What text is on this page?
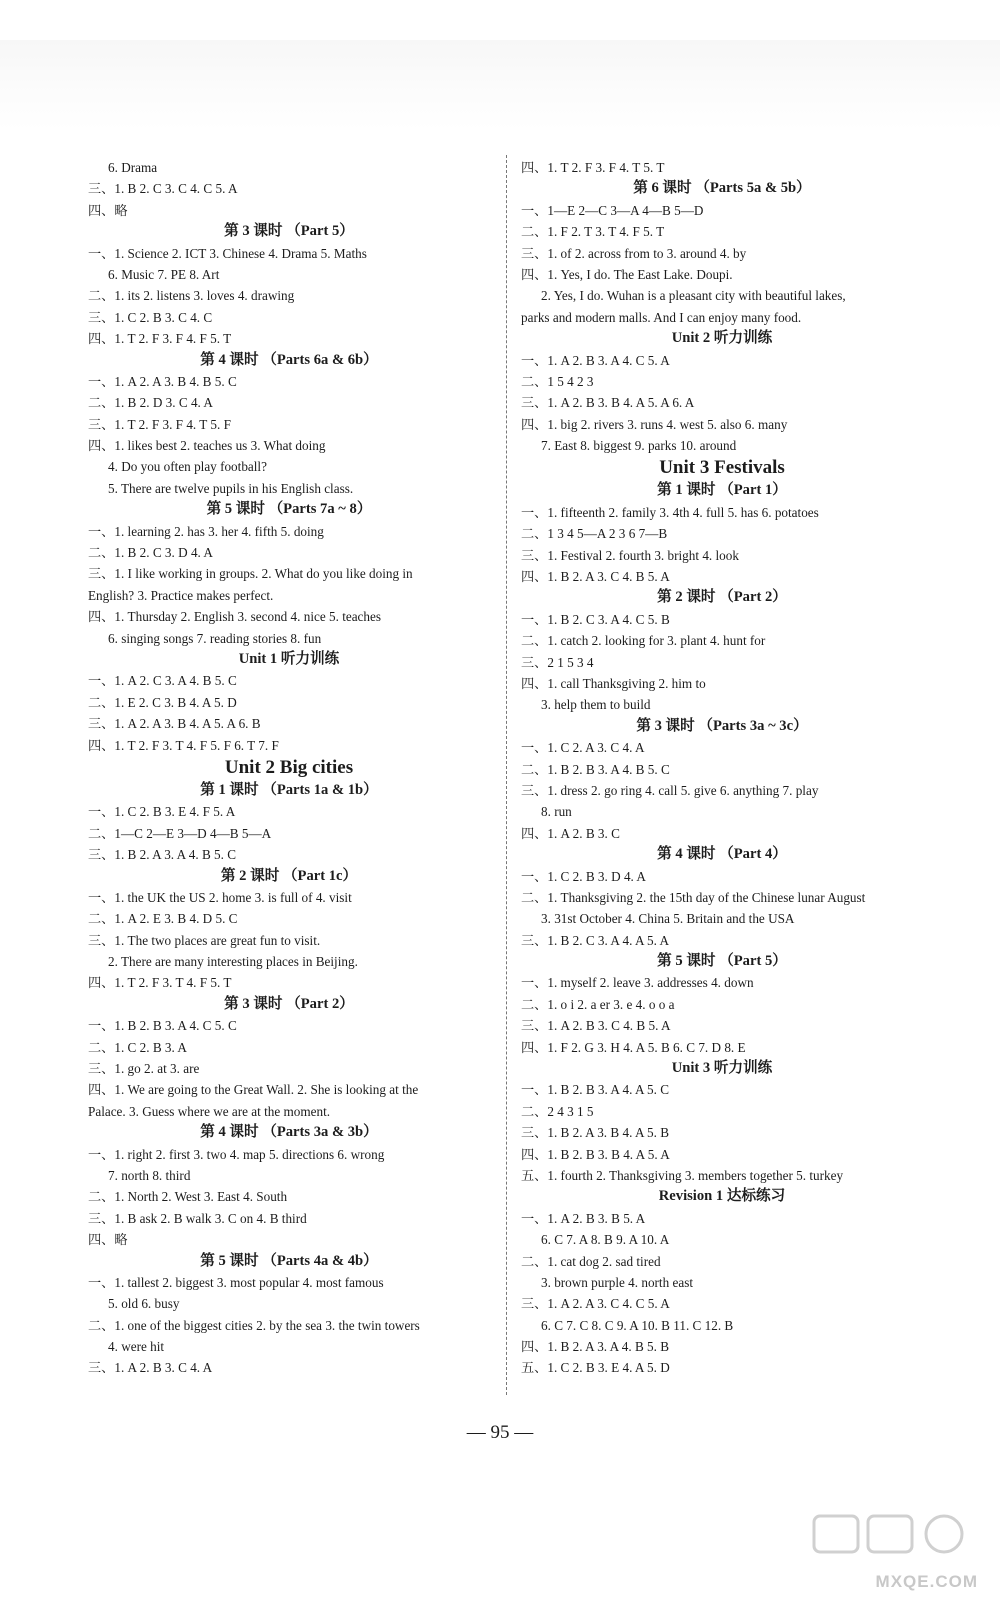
6. Drama
三、1. B 2. C 3. C 4. C 5. A
四、略
第 3 课时 （Part 5）
一、1. Science 2. ICT 3. Chinese 4. Drama 5. Maths
6. Music 7. PE 8. Art
二、1. its 2. listens 3. loves 4. drawing
三、1. C 2. B 3. C 4. C
四、1. T 2. F 3. F 4. F 5. T
第 4 课时 （Parts 6a & 6b）
一、1. A 2. A 3. B 4. B 5. C
二、1. B 2. D 3. C 4. A
三、1. T 2. F 3. F 4. T 5. F
四、1. likes best 2. teaches us 3. What doing
4. Do you often play football?
5. There are twelve pupils in his English class.
第 5 课时 （Parts 7a ~ 8）
一、1. learning 2. has 3. her 4. fifth 5. doing
二、1. B 2. C 3. D 4. A
三、1. I like working in groups. 2. What do you like doing in
English? 3. Practice makes perfect.
四、1. Thursday 2. English 3. second 4. nice 5. teaches
6. singing songs 7. reading stories 8. fun
Unit 1 听力训练
一、1. A 2. C 3. A 4. B 5. C
二、1. E 2. C 3. B 4. A 5. D
三、1. A 2. A 3. B 4. A 5. A 6. B
四、1. T 2. F 3. T 4. F 5. F 6. T 7. F
Unit 2 Big cities
第 1 课时 （Parts 1a & 1b）
一、1. C 2. B 3. E 4. F 5. A
二、1—C 2—E 3—D 4—B 5—A
三、1. B 2. A 3. A 4. B 5. C
第 2 课时 （Part 1c）
一、1. the UK the US 2. home 3. is full of 4. visit
二、1. A 2. E 3. B 4. D 5. C
三、1. The two places are great fun to visit.
2. There are many interesting places in Beijing.
四、1. T 2. F 3. T 4. F 5. T
第 3 课时 （Part 2）
一、1. B 2. B 3. A 4. C 5. C
二、1. C 2. B 3. A
三、1. go 2. at 3. are
四、1. We are going to the Great Wall. 2. She is looking at the
Palace. 3. Guess where we are at the moment.
第 4 课时 （Parts 3a & 3b）
一、1. right 2. first 3. two 4. map 5. directions 6. wrong
7. north 8. third
二、1. North 2. West 3. East 4. South
三、1. B ask 2. B walk 3. C on 4. B third
四、略
第 5 课时 （Parts 4a & 4b）
一、1. tallest 2. biggest 3. most popular 4. most famous
5. old 6. busy
二、1. one of the biggest cities 2. by the sea 3. the twin towers
4. were hit
三、1. A 2. B 3. C 4. A
四、1. T 2. F 3. F 4. T 5. T
第 6 课时 （Parts 5a & 5b）
一、1—E 2—C 3—A 4—B 5—D
二、1. F 2. T 3. T 4. F 5. T
三、1. of 2. across from to 3. around 4. by
四、1. Yes, I do. The East Lake. Doupi.
2. Yes, I do. Wuhan is a pleasant city with beautiful lakes,
parks and modern malls. And I can enjoy many food.
Unit 2 听力训练
一、1. A 2. B 3. A 4. C 5. A
二、1 5 4 2 3
三、1. A 2. B 3. B 4. A 5. A 6. A
四、1. big 2. rivers 3. runs 4. west 5. also 6. many
7. East 8. biggest 9. parks 10. around
Unit 3 Festivals
第 1 课时 （Part 1）
一、1. fifteenth 2. family 3. 4th 4. full 5. has 6. potatoes
二、1 3 4 5—A 2 3 6 7—B
三、1. Festival 2. fourth 3. bright 4. look
四、1. B 2. A 3. C 4. B 5. A
第 2 课时 （Part 2）
一、1. B 2. C 3. A 4. C 5. B
二、1. catch 2. looking for 3. plant 4. hunt for
三、2 1 5 3 4
四、1. call Thanksgiving 2. him to
3. help them to build
第 3 课时 （Parts 3a ~ 3c）
一、1. C 2. A 3. C 4. A
二、1. B 2. B 3. A 4. B 5. C
三、1. dress 2. go ring 4. call 5. give 6. anything 7. play
8. run
四、1. A 2. B 3. C
第 4 课时 （Part 4）
一、1. C 2. B 3. D 4. A
二、1. Thanksgiving 2. the 15th day of the Chinese lunar August
3. 31st October 4. China 5. Britain and the USA
三、1. B 2. C 3. A 4. A 5. A
第 5 课时 （Part 5）
一、1. myself 2. leave 3. addresses 4. down
二、1. o i 2. a er 3. e 4. o o a
三、1. A 2. B 3. C 4. B 5. A
四、1. F 2. G 3. H 4. A 5. B 6. C 7. D 8. E
Unit 3 听力训练
一、1. B 2. B 3. A 4. A 5. C
二、2 4 3 1 5
三、1. B 2. A 3. B 4. A 5. B
四、1. B 2. B 3. B 4. A 5. A
五、1. fourth 2. Thanksgiving 3. members together 5. turkey
Revision 1 达标练习
一、1. A 2. B 3. B 5. A
6. C 7. A 8. B 9. A 10. A
二、1. cat dog 2. sad tired
3. brown purple 4. north east
三、1. A 2. A 3. C 4. C 5. A
6. C 7. C 8. C 9. A 10. B 11. C 12. B
四、1. B 2. A 3. A 4. B 5. B
五、1. C 2. B 3. E 4. A 5. D
— 95 —
MXQE.COM
